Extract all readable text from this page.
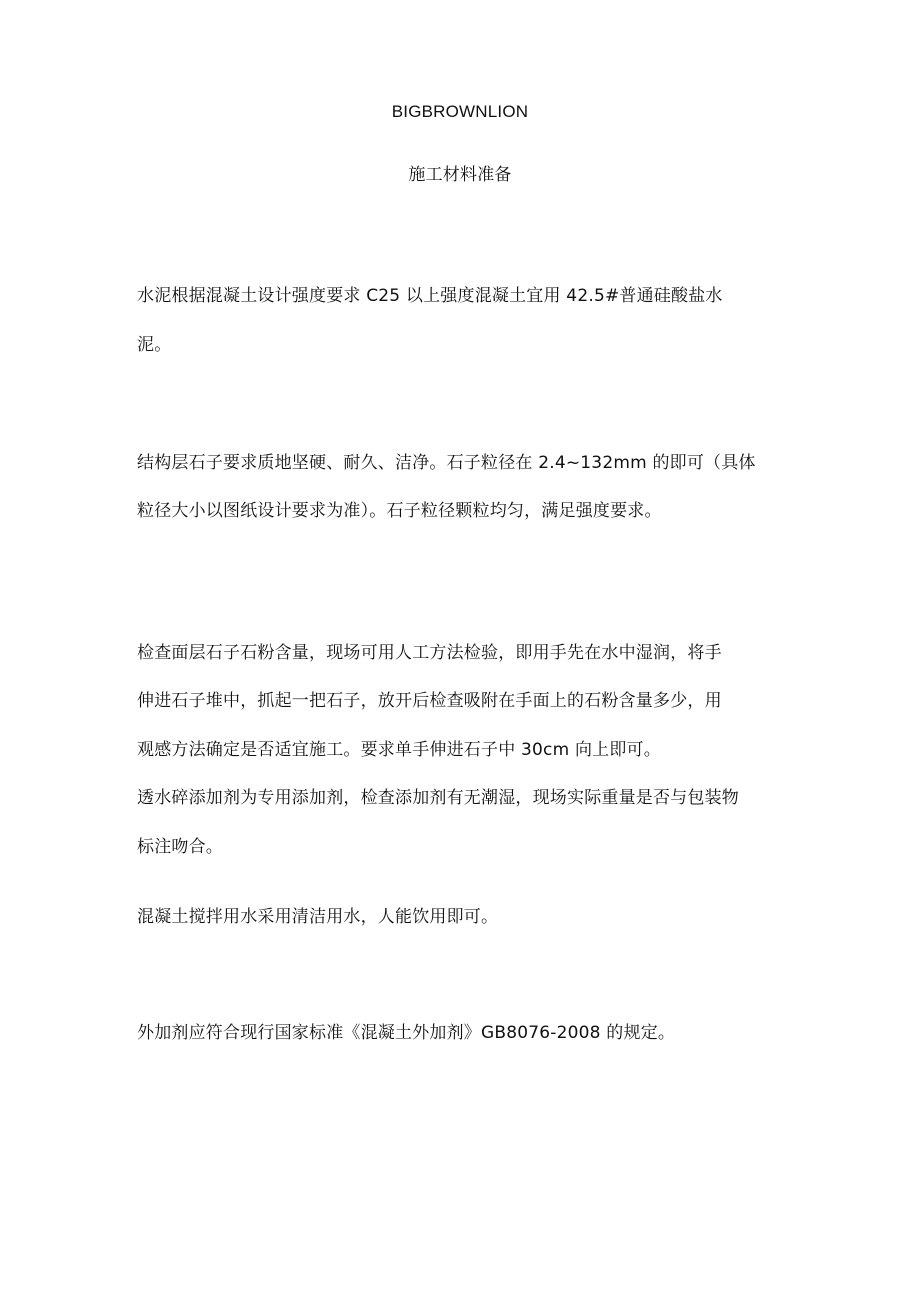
BIGBROWNLION
施工材料准备
水泥根据混凝土设计强度要求 C25 以上强度混凝土宜用 42.5#普通硅酸盐水
泥。
结构层石子要求质地坚硬、耐久、洁净。石子粒径在 2.4~132mm 的即可（具体
粒径大小以图纸设计要求为准）。石子粒径颗粒均匀，满足强度要求。
检查面层石子石粉含量，现场可用人工方法检验，即用手先在水中湿润，将手
伸进石子堆中，抓起一把石子，放开后检查吸附在手面上的石粉含量多少，用
观感方法确定是否适宜施工。要求单手伸进石子中 30cm 向上即可。
透水碎添加剂为专用添加剂，检查添加剂有无潮湿，现场实际重量是否与包装物
标注吻合。
混凝土搅拌用水采用清洁用水，人能饮用即可。
外加剂应符合现行国家标准《混凝土外加剂》GB8076-2008 的规定。
